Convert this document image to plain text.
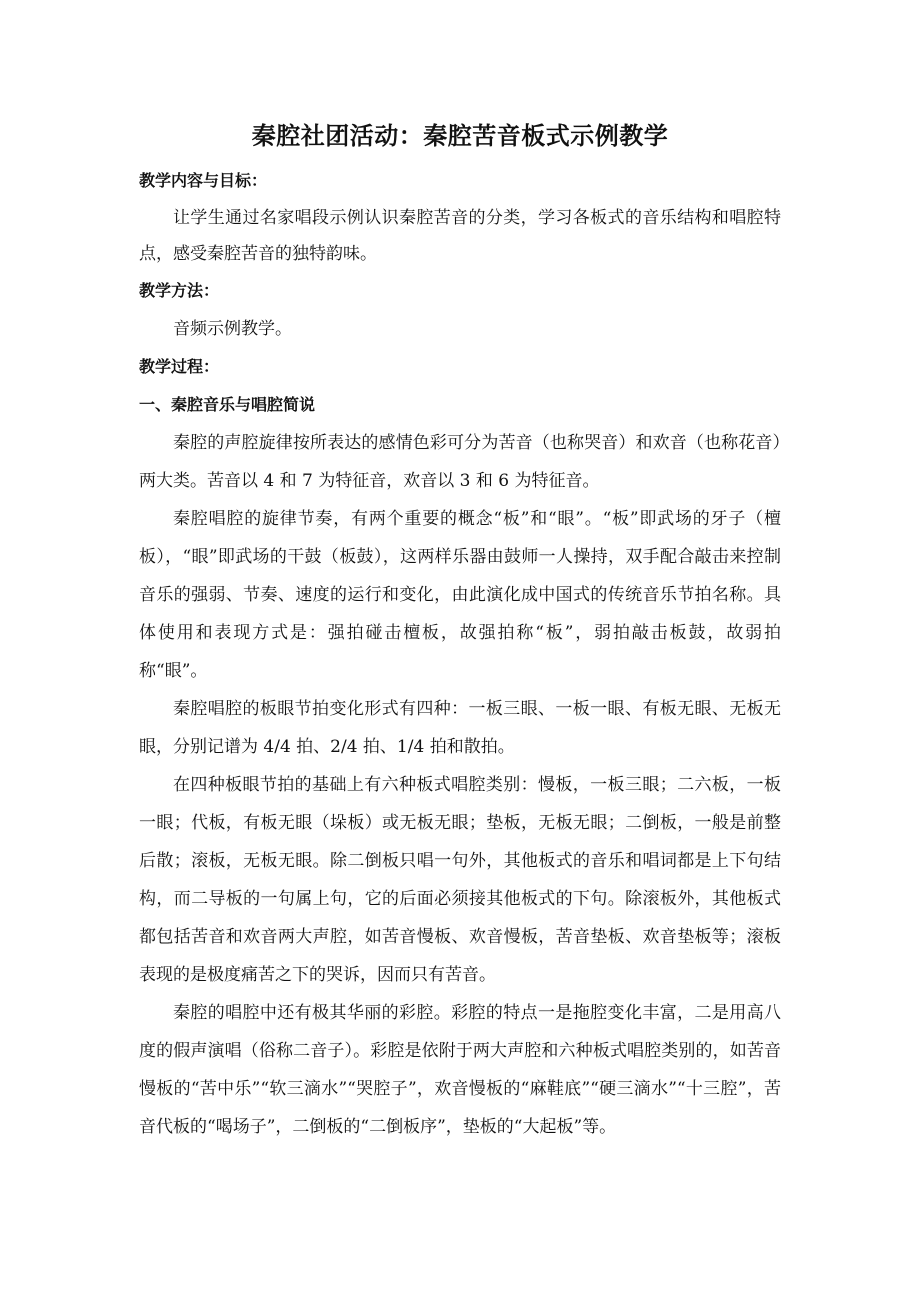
秦腔社团活动：秦腔苦音板式示例教学

教学内容与目标：

让学生通过名家唱段示例认识秦腔苦音的分类，学习各板式的音乐结构和唱腔特点，感受秦腔苦音的独特韵味。

教学方法：

音频示例教学。

教学过程：

一、秦腔音乐与唱腔简说

秦腔的声腔旋律按所表达的感情色彩可分为苦音（也称哭音）和欢音（也称花音）两大类。苦音以 4 和 7 为特征音，欢音以 3 和 6 为特征音。

秦腔唱腔的旋律节奏，有两个重要的概念“板”和“眼”。“板”即武场的牙子（檀板），“眼”即武场的干鼓（板鼓），这两样乐器由鼓师一人操持，双手配合敲击来控制音乐的强弱、节奏、速度的运行和变化，由此演化成中国式的传统音乐节拍名称。具体使用和表现方式是：强拍碰击檀板，故强拍称“板”，弱拍敲击板鼓，故弱拍称“眼”。

秦腔唱腔的板眼节拍变化形式有四种：一板三眼、一板一眼、有板无眼、无板无眼，分别记谱为 4/4 拍、2/4 拍、1/4 拍和散拍。

在四种板眼节拍的基础上有六种板式唱腔类别：慢板，一板三眼；二六板，一板一眼；代板，有板无眼（垛板）或无板无眼；垫板，无板无眼；二倒板，一般是前整后散；滚板，无板无眼。除二倒板只唱一句外，其他板式的音乐和唱词都是上下句结构，而二导板的一句属上句，它的后面必须接其他板式的下句。除滚板外，其他板式都包括苦音和欢音两大声腔，如苦音慢板、欢音慢板，苦音垫板、欢音垫板等；滚板表现的是极度痛苦之下的哭诉，因而只有苦音。

秦腔的唱腔中还有极其华丽的彩腔。彩腔的特点一是拖腔变化丰富，二是用高八度的假声演唱（俗称二音子）。彩腔是依附于两大声腔和六种板式唱腔类别的，如苦音慢板的“苦中乐”“软三滴水”“哭腔子”，欢音慢板的“麻鞋底”“硬三滴水”“十三腔”，苦音代板的“喝场子”，二倒板的“二倒板序”，垫板的“大起板”等。
